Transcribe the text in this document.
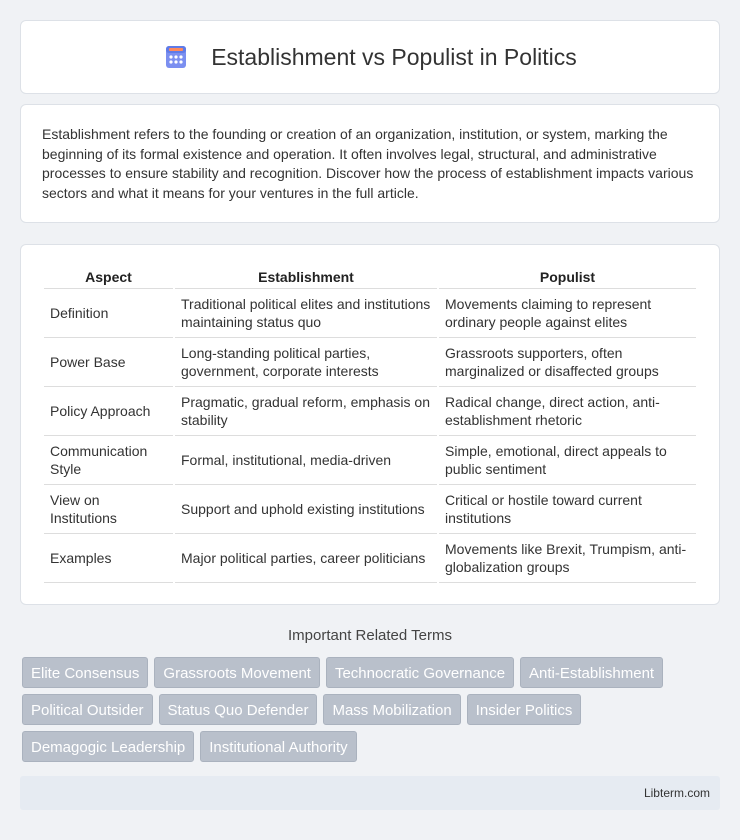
Establishment vs Populist in Politics

Establishment refers to the founding or creation of an organization, institution, or system, marking the beginning of its formal existence and operation. It often involves legal, structural, and administrative processes to ensure stability and recognition. Discover how the process of establishment impacts various sectors and what it means for your ventures in the full article.

Aspect	Establishment	Populist
Definition	Traditional political elites and institutions maintaining status quo	Movements claiming to represent ordinary people against elites
Power Base	Long-standing political parties, government, corporate interests	Grassroots supporters, often marginalized or disaffected groups
Policy Approach	Pragmatic, gradual reform, emphasis on stability	Radical change, direct action, anti-establishment rhetoric
Communication Style	Formal, institutional, media-driven	Simple, emotional, direct appeals to public sentiment
View on Institutions	Support and uphold existing institutions	Critical or hostile toward current institutions
Examples	Major political parties, career politicians	Movements like Brexit, Trumpism, anti-globalization groups
Important Related Terms
Elite Consensus	Grassroots Movement	Technocratic Governance	Anti-Establishment
Political Outsider	Status Quo Defender	Mass Mobilization	Insider Politics
Demagogic Leadership	Institutional Authority
Libterm.com
